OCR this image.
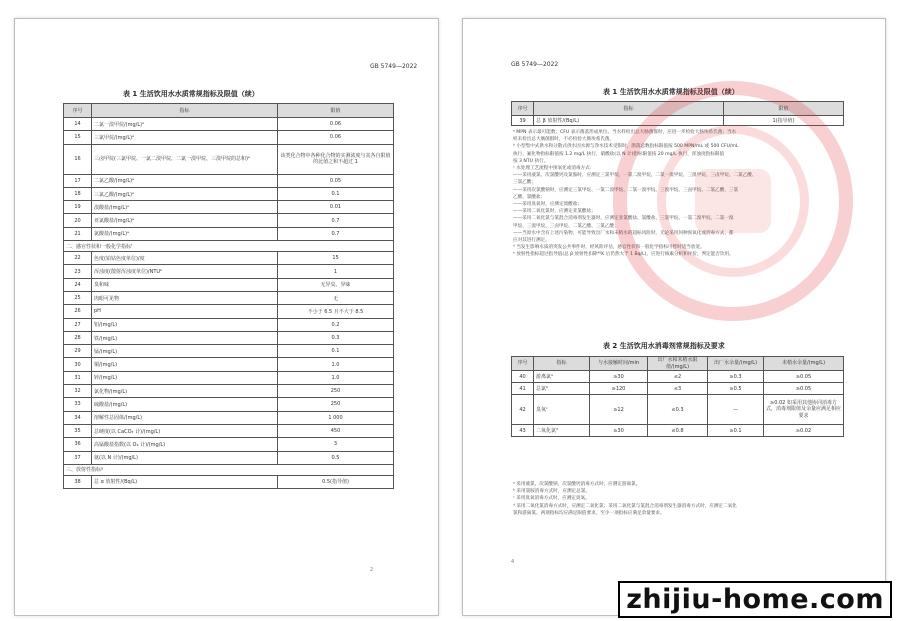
GB 5749—2022
表 1 生活饮用水水质常规指标及限值（续）
序号	指标	限值
14	二氯一溴甲烷/(mg/L)ᵉ	0.06
15	三氯甲烷/(mg/L)ᵉ	0.06
16	三卤甲烷(三氯甲烷、一氯二溴甲烷、二氯一溴甲烷、三溴甲烷的总和)ᵉ	该类化合物中各种化合物的实测浓度与其各自限值的比值之和不超过 1
17	二氯乙酸/(mg/L)ᵉ	0.05
18	三氯乙酸/(mg/L)ᵉ	0.1
19	溴酸盐/(mg/L)ᵉ	0.01
20	亚氯酸盐/(mg/L)ᵉ	0.7
21	氯酸盐/(mg/L)ᵉ	0.7
二、感官性状和一般化学指标ᶠ		
22	色度(铂钴色度单位)/度	15
23	浑浊度(散射浑浊度单位)/NTUᵇ	1
24	臭和味	无异臭、异味
25	肉眼可见物	无
26	pH	不小于 6.5 且不大于 8.5
27	铝/(mg/L)	0.2
28	铁/(mg/L)	0.3
29	锰/(mg/L)	0.1
30	铜/(mg/L)	1.0
31	锌/(mg/L)	1.0
32	氯化物/(mg/L)	250
33	硫酸盐/(mg/L)	250
34	溶解性总固体/(mg/L)	1 000
35	总硬度(以 CaCO₃ 计)/(mg/L)	450
36	高锰酸盐指数(以 O₂ 计)/(mg/L)	3
37	氨(以 N 计)/(mg/L)	0.5
三、放射性指标ᵍ		
38	总 α 放射性/(Bq/L)	0.5(指导值)
2
GB 5749—2022
表 1 生活饮用水水质常规指标及限值（续）
序号	指标	限值
39	总 β 放射性/(Bq/L)	1(指导值)

ᵃ MPN 表示最可能数；CFU 表示菌落形成单位。当水样检出总大肠菌群时，应进一步检验大肠埃希氏菌；当水

样未检出总大肠菌群时，不必检验大肠埃希氏菌。

ᵇ 小型集中式供水和分散式供水因水源与净水技术受限时，菌落总数指标限值按 500 MPN/mL 或 500 CFU/mL

执行，氟化物指标限值按 1.2 mg/L 执行，硝酸盐(以 N 计)指标限值按 20 mg/L 执行，浑浊度指标限值

按 3 NTU 执行。

ᶜ 水处理工艺流程中预氧化或消毒方式：

——采用液氯、次氯酸钙及氯胺时，应测定三氯甲烷、一氯二溴甲烷、二氯一溴甲烷、三溴甲烷、三卤甲烷、二氯乙酸、

三氯乙酸；

——采用次氯酸钠时，应测定三氯甲烷、一氯二溴甲烷、二氯一溴甲烷、三溴甲烷、三卤甲烷、二氯乙酸、三氯

乙酸、氯酸盐；

——采用臭氧时，应测定溴酸盐；

——采用二氧化氯时，应测定亚氯酸盐；

——采用二氧化氯与氯混合消毒剂发生器时，应测定亚氯酸盐、氯酸盐、三氯甲烷、一氯二溴甲烷、二氯一溴

甲烷、三溴甲烷、三卤甲烷、二氯乙酸、三氯乙酸；

——当原水中含有上述污染物，可能导致出厂水和末梢水的超标风险时，无论采用何种预氧化或消毒方式，都

应对其进行测定。

ᵈ 当发生影响水质的突发公共事件时，经风险评估，感官性状和一般化学指标可暂时适当放宽。

ᵉ 放射性指标超过指导值(总 β 放射性扣除⁴⁰K 后仍然大于 1 Bq/L)，应进行核素分析和评价，判定能否饮用。

表 2 生活饮用水消毒剂常规指标及要求
序号	指标	与水接触时间/min	出厂水和末梢水限值/(mg/L)	出厂水余量/(mg/L)	末梢水余量/(mg/L)
40	游离氯ᵃ	≥30	≤2	≥0.3	≥0.05
41	总氯ᵇ	≥120	≤3	≥0.5	≥0.05
42	臭氧ᶜ	≥12	≤0.3	—	≥0.02 如采用其他协同消毒方式，消毒剂限值及余量应满足相应要求
43	二氧化氯ᵈ	≥30	≤0.8	≥0.1	≥0.02

ᵃ 采用液氯、次氯酸钠、次氯酸钙消毒方式时，应测定游离氯。

ᵇ 采用氯胺消毒方式时，应测定总氯。

ᶜ 采用臭氧消毒方式时，应测定臭氧。

ᵈ 采用二氧化氯消毒方式时，应测定二氧化氯；采用二氧化氯与氯混合消毒剂发生器消毒方式时，应测定二氧化

氯和游离氯。两项指标均应满足限值要求，至少一项指标应满足余量要求。

4
zhijiu-home.com
